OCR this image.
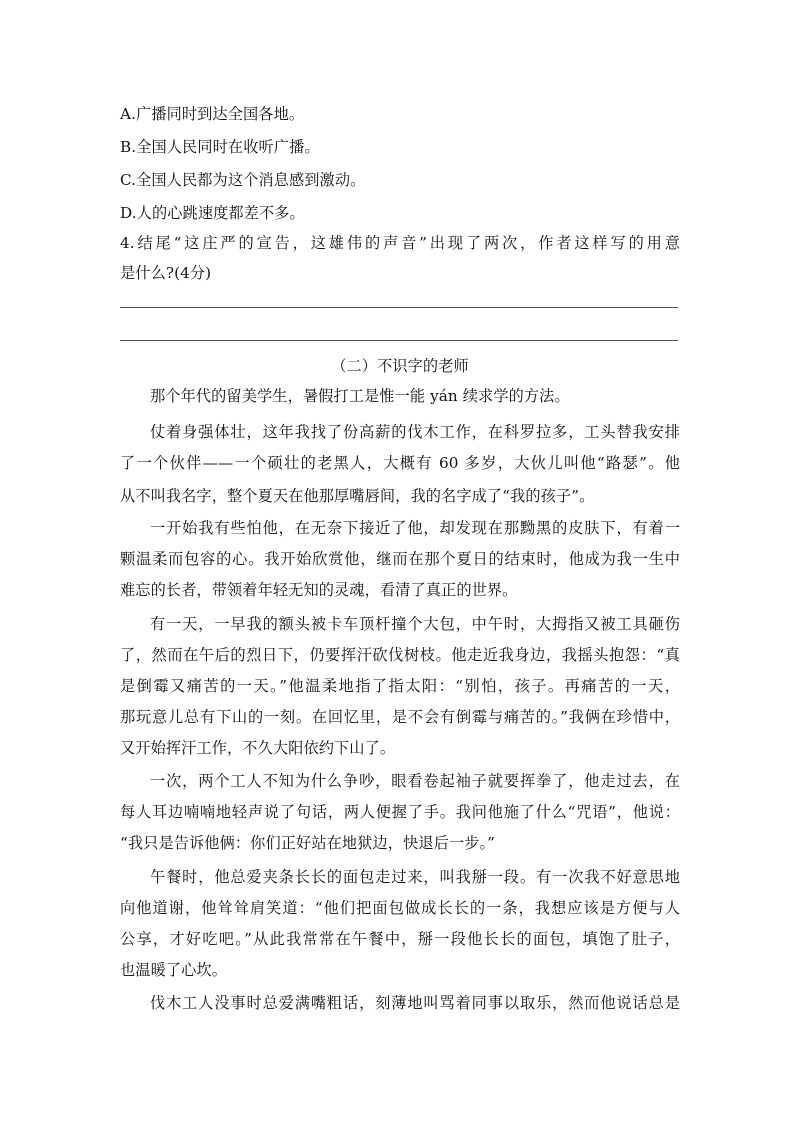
A.广播同时到达全国各地。
B.全国人民同时在收听广播。
C.全国人民都为这个消息感到激动。
D.人的心跳速度都差不多。
4.结尾“这庄严的宣告，这雄伟的声音”出现了两次，作者这样写的用意
是什么?(4分)
（二）不识字的老师
那个年代的留美学生，暑假打工是惟一能 yán 续求学的方法。
仗着身强体壮，这年我找了份高薪的伐木工作，在科罗拉多，工头替我安排
了一个伙伴——一个硕壮的老黑人，大概有 60 多岁，大伙儿叫他“路瑟”。他
从不叫我名字，整个夏天在他那厚嘴唇间，我的名字成了“我的孩子”。
一开始我有些怕他，在无奈下接近了他，却发现在那黝黑的皮肤下，有着一
颗温柔而包容的心。我开始欣赏他，继而在那个夏日的结束时，他成为我一生中
难忘的长者，带领着年轻无知的灵魂，看清了真正的世界。
有一天，一早我的额头被卡车顶杆撞个大包，中午时，大拇指又被工具砸伤
了，然而在午后的烈日下，仍要挥汗砍伐树枝。他走近我身边，我摇头抱怨：“真
是倒霉又痛苦的一天。”他温柔地指了指太阳：“别怕，孩子。再痛苦的一天，
那玩意儿总有下山的一刻。在回忆里，是不会有倒霉与痛苦的。”我俩在珍惜中，
又开始挥汗工作，不久大阳依约下山了。
一次，两个工人不知为什么争吵，眼看卷起袖子就要挥拳了，他走过去，在
每人耳边喃喃地轻声说了句话，两人便握了手。我问他施了什么“咒语”，他说：
“我只是告诉他俩：你们正好站在地狱边，快退后一步。”
午餐时，他总爱夹条长长的面包走过来，叫我掰一段。有一次我不好意思地
向他道谢，他耸耸肩笑道：“他们把面包做成长长的一条，我想应该是方便与人
公享，才好吃吧。”从此我常常在午餐中，掰一段他长长的面包，填饱了肚子，
也温暖了心坎。
伐木工人没事时总爱满嘴粗话，刻薄地叫骂着同事以取乐，然而他说话总是
